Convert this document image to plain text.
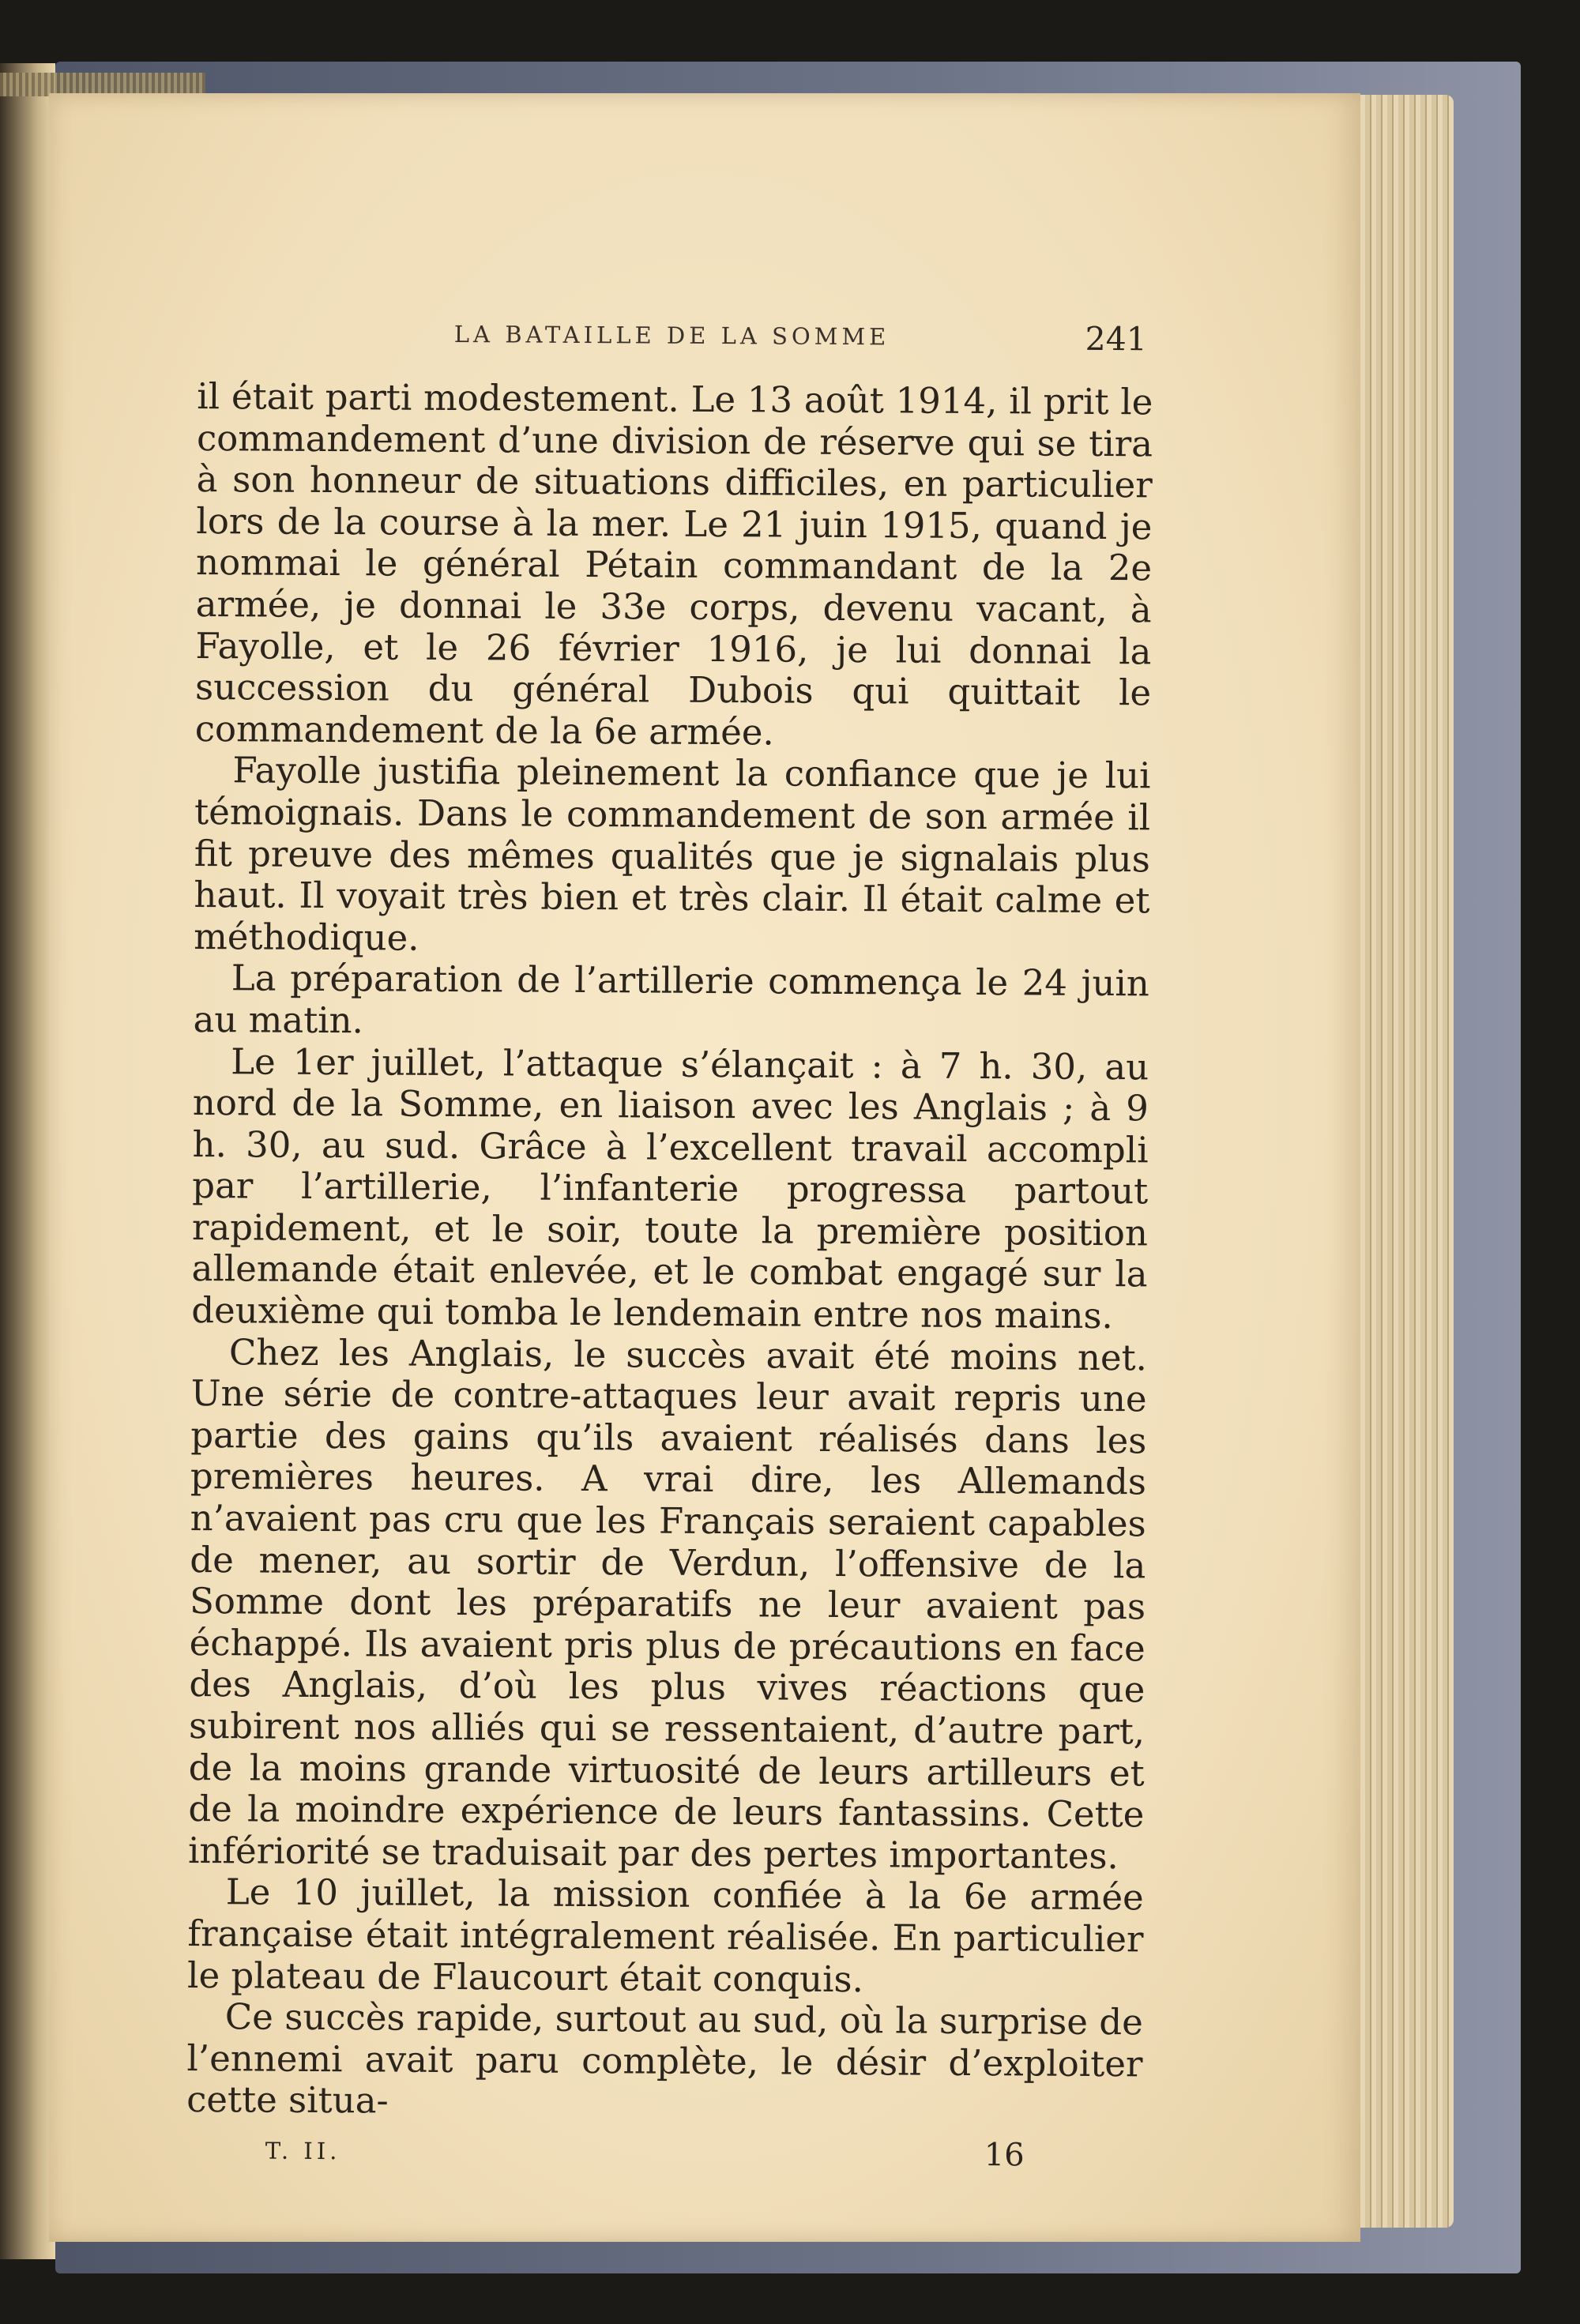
LA BATAILLE DE LA SOMME	241

il était parti modestement. Le 13 août 1914, il prit le commandement d’une division de réserve qui se tira à son honneur de situations difficiles, en particulier lors de la course à la mer. Le 21 juin 1915, quand je nommai le général Pétain commandant de la 2e armée, je donnai le 33e corps, devenu vacant, à Fayolle, et le 26 février 1916, je lui donnai la succession du général Dubois qui quittait le commandement de la 6e armée.

Fayolle justifia pleinement la confiance que je lui témoignais. Dans le commandement de son armée il fit preuve des mêmes qualités que je signalais plus haut. Il voyait très bien et très clair. Il était calme et méthodique.

La préparation de l’artillerie commença le 24 juin au matin.

Le 1er juillet, l’attaque s’élançait : à 7 h. 30, au nord de la Somme, en liaison avec les Anglais ; à 9 h. 30, au sud. Grâce à l’excellent travail accompli par l’artillerie, l’infanterie progressa partout rapidement, et le soir, toute la première position allemande était enlevée, et le combat engagé sur la deuxième qui tomba le lendemain entre nos mains.

Chez les Anglais, le succès avait été moins net. Une série de contre-attaques leur avait repris une partie des gains qu’ils avaient réalisés dans les premières heures. A vrai dire, les Allemands n’avaient pas cru que les Français seraient capables de mener, au sortir de Verdun, l’offensive de la Somme dont les préparatifs ne leur avaient pas échappé. Ils avaient pris plus de précautions en face des Anglais, d’où les plus vives réactions que subirent nos alliés qui se ressentaient, d’autre part, de la moins grande virtuosité de leurs artilleurs et de la moindre expérience de leurs fantassins. Cette infériorité se traduisait par des pertes importantes.

Le 10 juillet, la mission confiée à la 6e armée française était intégralement réalisée. En particulier le plateau de Flaucourt était conquis.

Ce succès rapide, surtout au sud, où la surprise de l’ennemi avait paru complète, le désir d’exploiter cette situa-

T. II.	16
